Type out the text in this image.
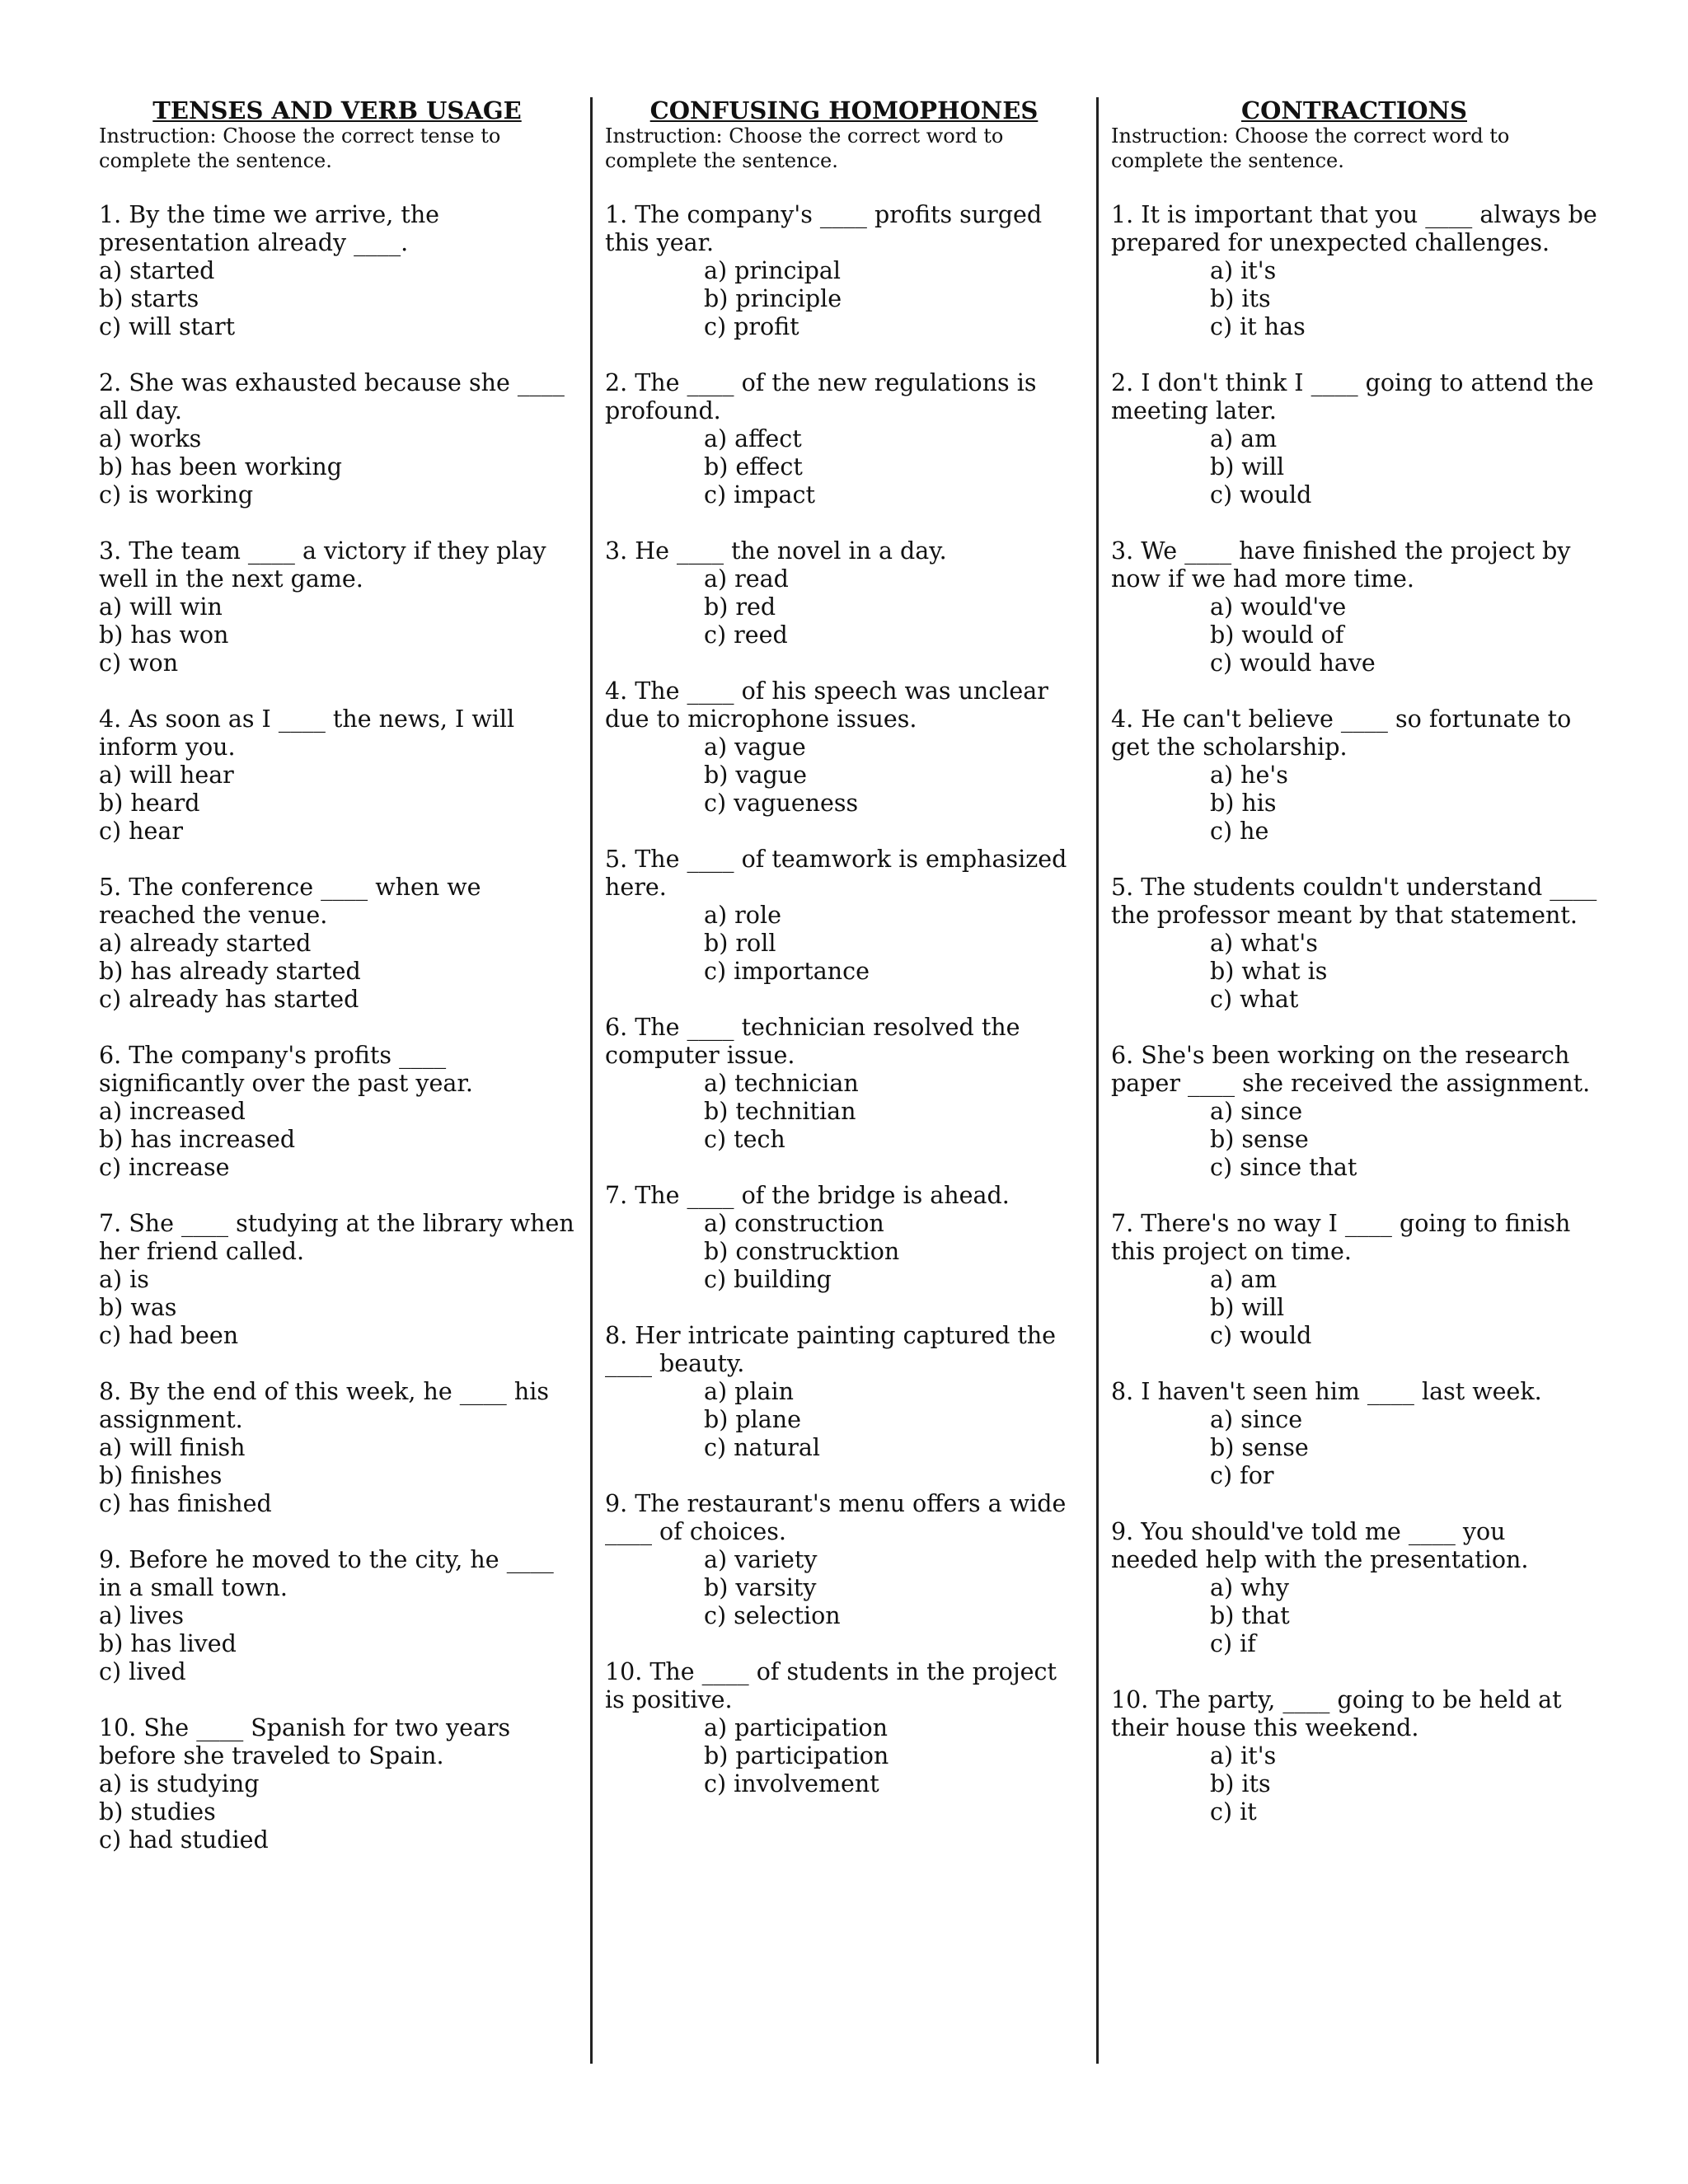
TENSES AND VERB USAGE

Instruction: Choose the correct tense to complete the sentence.

1. By the time we arrive, the presentation already ____.
a) started
b) starts
c) will start
2. She was exhausted because she ____ all day.
a) works
b) has been working
c) is working
3. The team ____ a victory if they play well in the next game.
a) will win
b) has won
c) won
4. As soon as I ____ the news, I will inform you.
a) will hear
b) heard
c) hear
5. The conference ____ when we reached the venue.
a) already started
b) has already started
c) already has started
6. The company's profits ____ significantly over the past year.
a) increased
b) has increased
c) increase
7. She ____ studying at the library when her friend called.
a) is
b) was
c) had been
8. By the end of this week, he ____ his assignment.
a) will finish
b) finishes
c) has finished
9. Before he moved to the city, he ____ in a small town.
a) lives
b) has lived
c) lived
10. She ____ Spanish for two years before she traveled to Spain.
a) is studying
b) studies
c) had studied
CONFUSING HOMOPHONES

Instruction: Choose the correct word to complete the sentence.

1. The company's ____ profits surged this year.
a) principal
b) principle
c) profit
2. The ____ of the new regulations is profound.
a) affect
b) effect
c) impact
3. He ____ the novel in a day.
a) read
b) red
c) reed
4. The ____ of his speech was unclear due to microphone issues.
a) vague
b) vague
c) vagueness
5. The ____ of teamwork is emphasized here.
a) role
b) roll
c) importance
6. The ____ technician resolved the computer issue.
a) technician
b) technitian
c) tech
7. The ____ of the bridge is ahead.
a) construction
b) construcktion
c) building
8. Her intricate painting captured the ____ beauty.
a) plain
b) plane
c) natural
9. The restaurant's menu offers a wide ____ of choices.
a) variety
b) varsity
c) selection
10. The ____ of students in the project is positive.
a) participation
b) participation
c) involvement
CONTRACTIONS

Instruction: Choose the correct word to complete the sentence.

1. It is important that you ____ always be prepared for unexpected challenges.
a) it's
b) its
c) it has
2. I don't think I ____ going to attend the meeting later.
a) am
b) will
c) would
3. We ____ have finished the project by now if we had more time.
a) would've
b) would of
c) would have
4. He can't believe ____ so fortunate to get the scholarship.
a) he's
b) his
c) he
5. The students couldn't understand ____ the professor meant by that statement.
a) what's
b) what is
c) what
6. She's been working on the research paper ____ she received the assignment.
a) since
b) sense
c) since that
7. There's no way I ____ going to finish this project on time.
a) am
b) will
c) would
8. I haven't seen him ____ last week.
a) since
b) sense
c) for
9. You should've told me ____ you needed help with the presentation.
a) why
b) that
c) if
10. The party, ____ going to be held at their house this weekend.
a) it's
b) its
c) it
